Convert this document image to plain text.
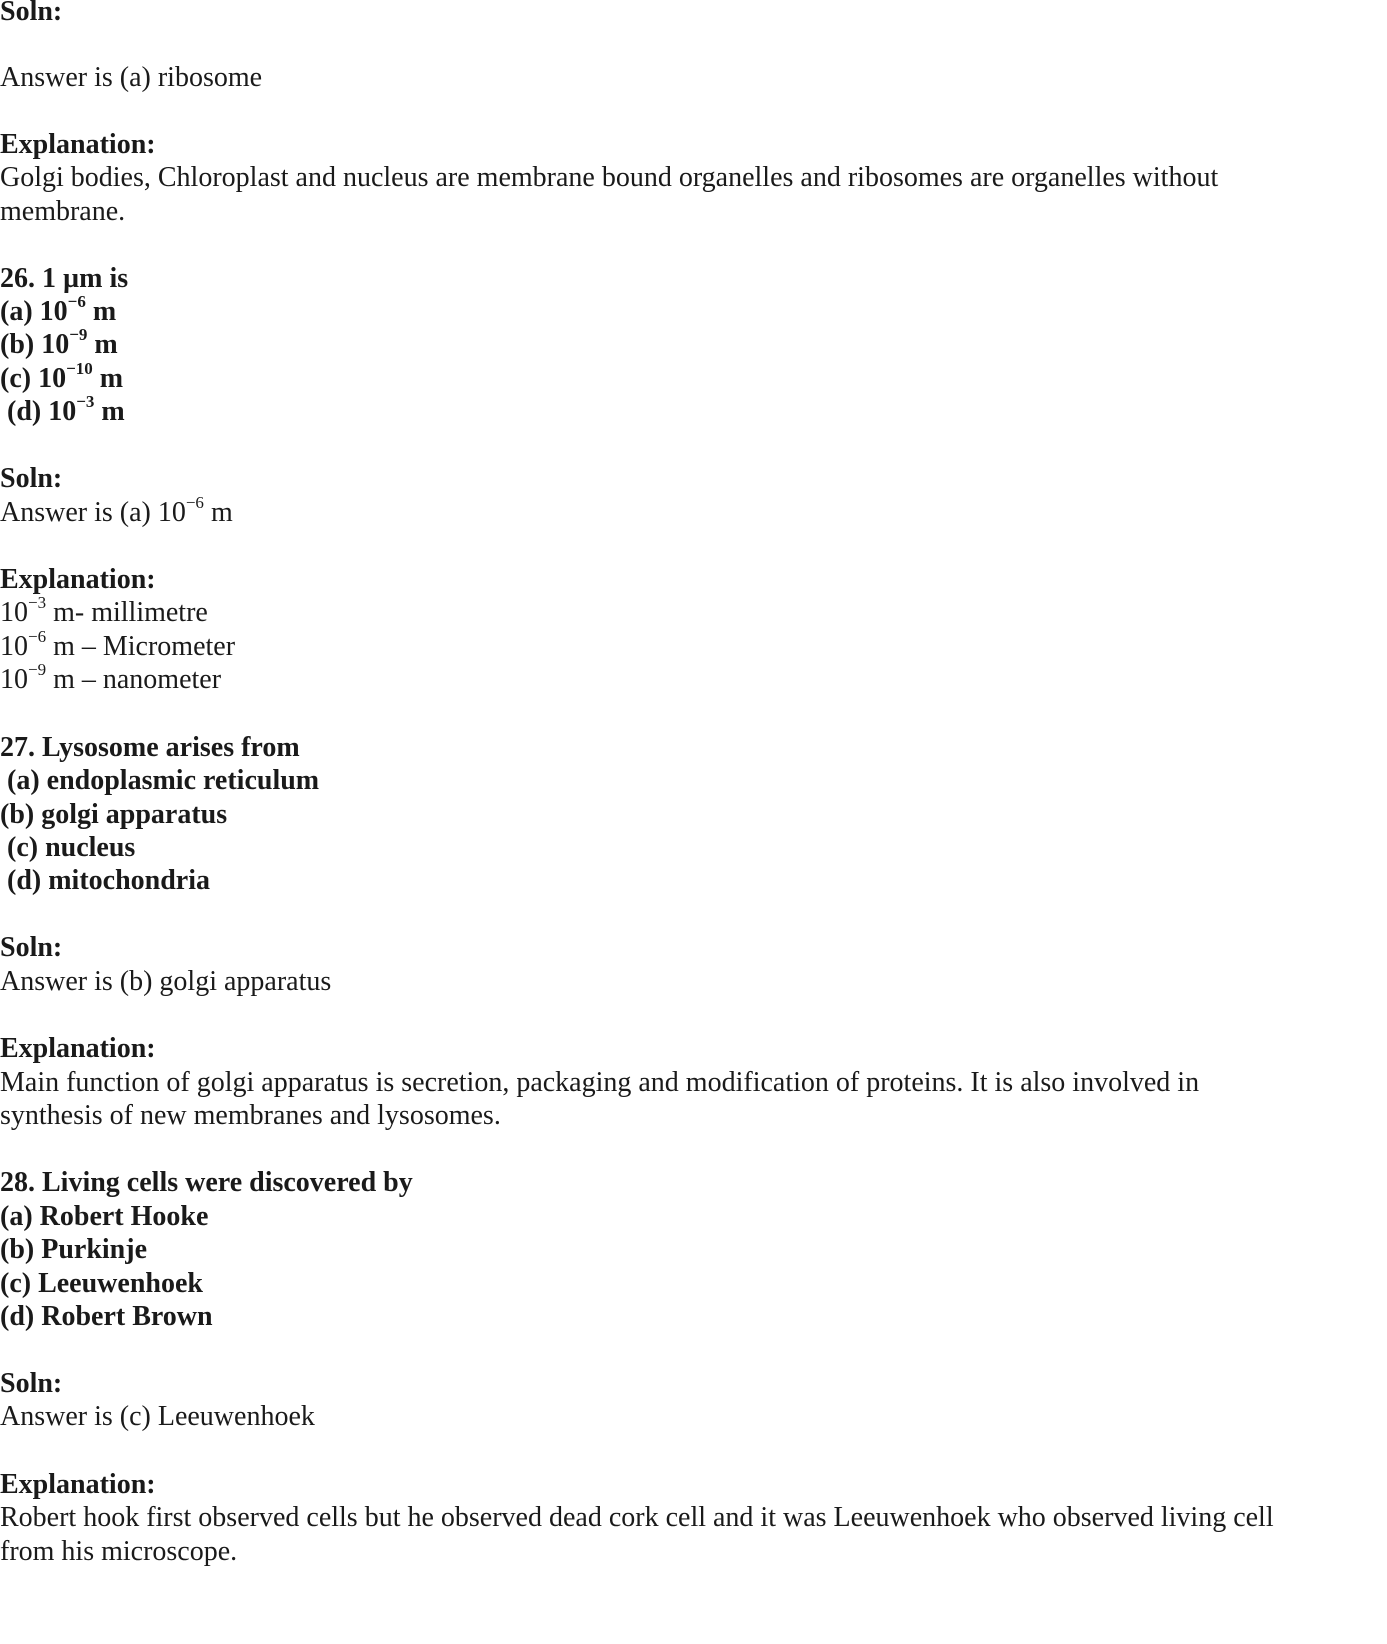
Soln:
Answer is (a) ribosome
Explanation:
Golgi bodies, Chloroplast and nucleus are membrane bound organelles and ribosomes are organelles without
membrane.
26. 1 µm is
(a) $10^{-6}$ m
(b) $10^{-9}$ m
(c) $10^{-10}$ m
(d) $10^{-3}$ m
Soln:
Answer is (a) $10^{-6}$ m
Explanation:
$10^{-3}$ m- millimetre
$10^{-6}$ m – Micrometer
$10^{-9}$ m – nanometer
27. Lysosome arises from
(a) endoplasmic reticulum
(b) golgi apparatus
(c) nucleus
(d) mitochondria
Soln:
Answer is (b) golgi apparatus
Explanation:
Main function of golgi apparatus is secretion, packaging and modification of proteins. It is also involved in
synthesis of new membranes and lysosomes.
28. Living cells were discovered by
(a) Robert Hooke
(b) Purkinje
(c) Leeuwenhoek
(d) Robert Brown
Soln:
Answer is (c) Leeuwenhoek
Explanation:
Robert hook first observed cells but he observed dead cork cell and it was Leeuwenhoek who observed living cell
from his microscope.
